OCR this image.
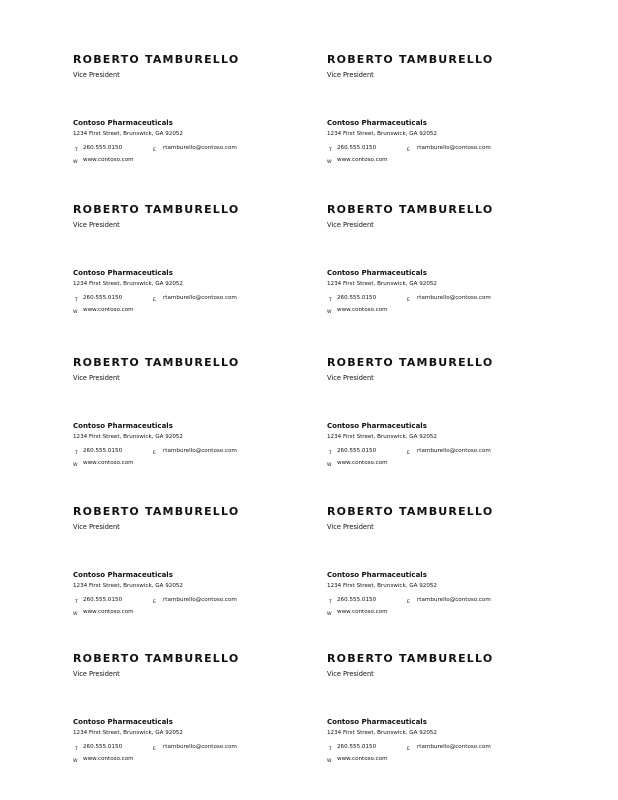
ROBERTO TAMBURELLO
Vice President
Contoso Pharmaceuticals
1234 First Street, Brunswick, GA 92052
T 260.555.0150	E rtamburello@contoso.com
W www.contoso.com
ROBERTO TAMBURELLO
Vice President
Contoso Pharmaceuticals
1234 First Street, Brunswick, GA 92052
T 260.555.0150	E rtamburello@contoso.com
W www.contoso.com
ROBERTO TAMBURELLO
Vice President
Contoso Pharmaceuticals
1234 First Street, Brunswick, GA 92052
T 260.555.0150	E rtamburello@contoso.com
W www.contoso.com
ROBERTO TAMBURELLO
Vice President
Contoso Pharmaceuticals
1234 First Street, Brunswick, GA 92052
T 260.555.0150	E rtamburello@contoso.com
W www.contoso.com
ROBERTO TAMBURELLO
Vice President
Contoso Pharmaceuticals
1234 First Street, Brunswick, GA 92052
T 260.555.0150	E rtamburello@contoso.com
W www.contoso.com
ROBERTO TAMBURELLO
Vice President
Contoso Pharmaceuticals
1234 First Street, Brunswick, GA 92052
T 260.555.0150	E rtamburello@contoso.com
W www.contoso.com
ROBERTO TAMBURELLO
Vice President
Contoso Pharmaceuticals
1234 First Street, Brunswick, GA 92052
T 260.555.0150	E rtamburello@contoso.com
W www.contoso.com
ROBERTO TAMBURELLO
Vice President
Contoso Pharmaceuticals
1234 First Street, Brunswick, GA 92052
T 260.555.0150	E rtamburello@contoso.com
W www.contoso.com
ROBERTO TAMBURELLO
Vice President
Contoso Pharmaceuticals
1234 First Street, Brunswick, GA 92052
T 260.555.0150	E rtamburello@contoso.com
W www.contoso.com
ROBERTO TAMBURELLO
Vice President
Contoso Pharmaceuticals
1234 First Street, Brunswick, GA 92052
T 260.555.0150	E rtamburello@contoso.com
W www.contoso.com
